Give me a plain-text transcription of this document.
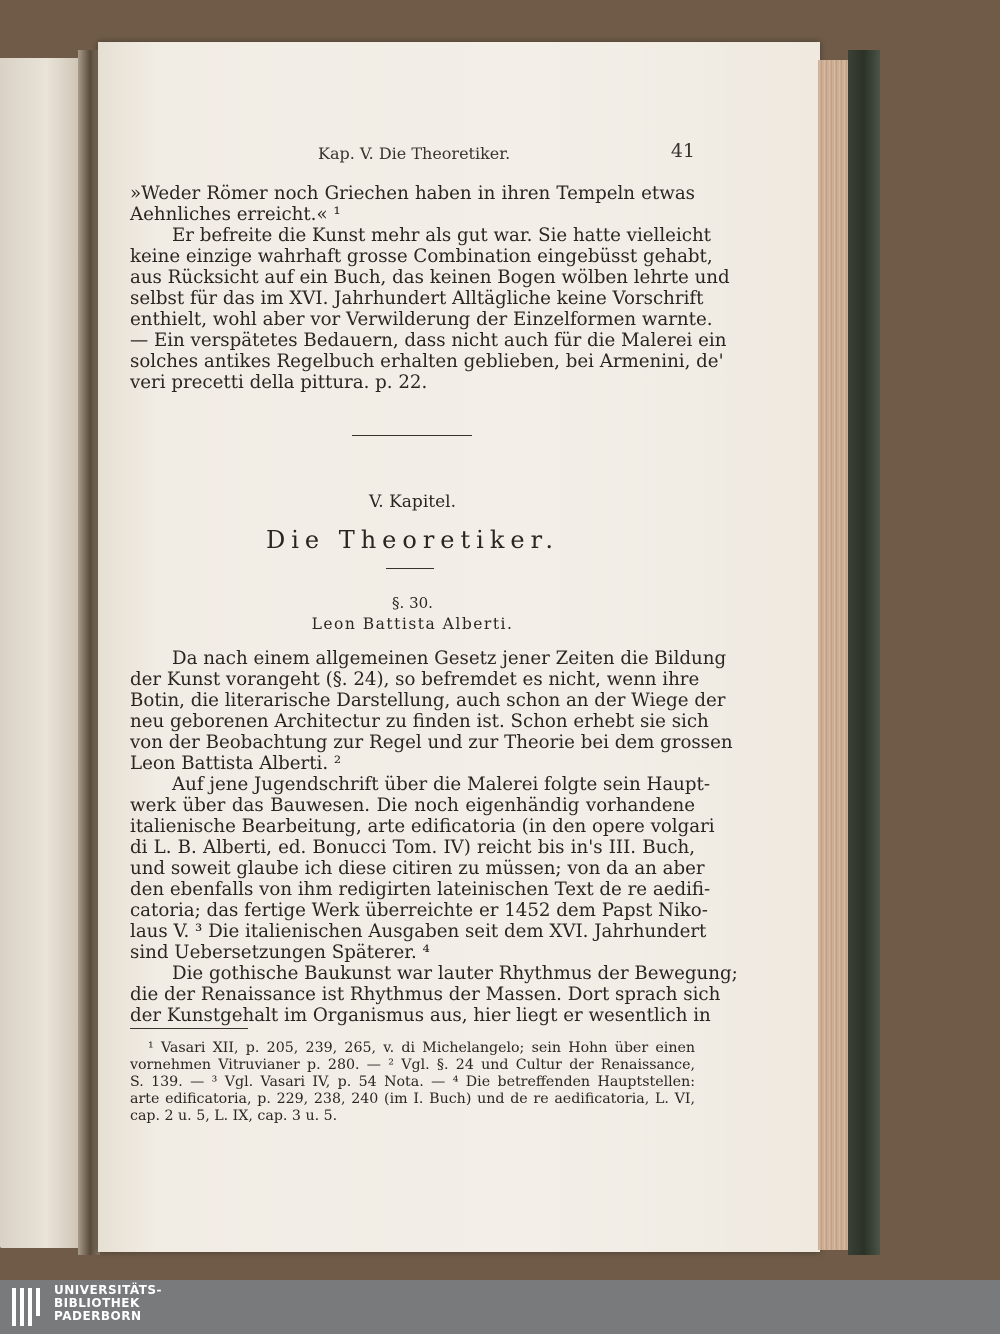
Kap. V. Die Theoretiker.	41
»Weder Römer noch Griechen haben in ihren Tempeln etwas
Aehnliches erreicht.« ¹
Er befreite die Kunst mehr als gut war. Sie hatte vielleicht
keine einzige wahrhaft grosse Combination eingebüsst gehabt,
aus Rücksicht auf ein Buch, das keinen Bogen wölben lehrte und
selbst für das im XVI. Jahrhundert Alltägliche keine Vorschrift
enthielt, wohl aber vor Verwilderung der Einzelformen warnte.
— Ein verspätetes Bedauern, dass nicht auch für die Malerei ein
solches antikes Regelbuch erhalten geblieben, bei Armenini, de'
veri precetti della pittura. p. 22.
V. Kapitel.
Die Theoretiker.
§. 30.
Leon Battista Alberti.
Da nach einem allgemeinen Gesetz jener Zeiten die Bildung
der Kunst vorangeht (§. 24), so befremdet es nicht, wenn ihre
Botin, die literarische Darstellung, auch schon an der Wiege der
neu geborenen Architectur zu finden ist. Schon erhebt sie sich
von der Beobachtung zur Regel und zur Theorie bei dem grossen
Leon Battista Alberti. ²
Auf jene Jugendschrift über die Malerei folgte sein Haupt-
werk über das Bauwesen. Die noch eigenhändig vorhandene
italienische Bearbeitung, arte edificatoria (in den opere volgari
di L. B. Alberti, ed. Bonucci Tom. IV) reicht bis in's III. Buch,
und soweit glaube ich diese citiren zu müssen; von da an aber
den ebenfalls von ihm redigirten lateinischen Text de re aedifi-
catoria; das fertige Werk überreichte er 1452 dem Papst Niko-
laus V. ³ Die italienischen Ausgaben seit dem XVI. Jahrhundert
sind Uebersetzungen Späterer. ⁴
Die gothische Baukunst war lauter Rhythmus der Bewegung;
die der Renaissance ist Rhythmus der Massen. Dort sprach sich
der Kunstgehalt im Organismus aus, hier liegt er wesentlich in
¹ Vasari XII, p. 205, 239, 265, v. di Michelangelo; sein Hohn über einen
vornehmen Vitruvianer p. 280. — ² Vgl. §. 24 und Cultur der Renaissance,
S. 139. — ³ Vgl. Vasari IV, p. 54 Nota. — ⁴ Die betreffenden Hauptstellen:
arte edificatoria, p. 229, 238, 240 (im I. Buch) und de re aedificatoria, L. VI,
cap. 2 u. 5, L. IX, cap. 3 u. 5.
UNIVERSITÄTS-
BIBLIOTHEK
PADERBORN
